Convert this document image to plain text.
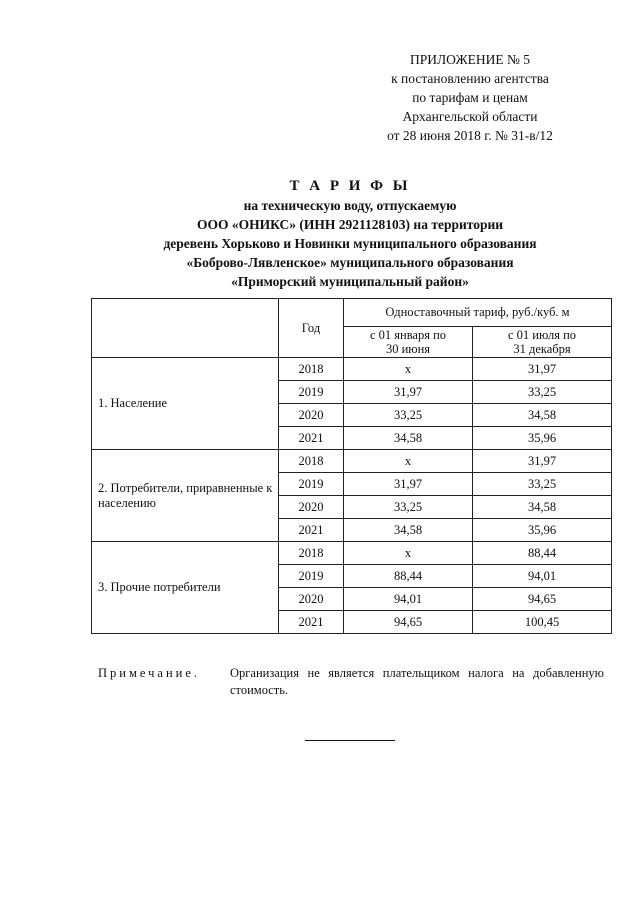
ПРИЛОЖЕНИЕ № 5
к постановлению агентства
по тарифам и ценам
Архангельской области
от 28 июня 2018 г. № 31-в/12
Т А Р И Ф Ы
на техническую воду, отпускаемую
ООО «ОНИКС» (ИНН 2921128103) на территории
деревень Хорьково и Новинки муниципального образования
«Боброво-Лявленское» муниципального образования
«Приморский муниципальный район»
	Год	Одноставочный тариф, руб./куб. м	
		с 01 января по 30 июня	с 01 июля по 31 декабря
1. Население	2018	х	31,97
	2019	31,97	33,25
	2020	33,25	34,58
	2021	34,58	35,96
2. Потребители, приравненные к населению	2018	х	31,97
	2019	31,97	33,25
	2020	33,25	34,58
	2021	34,58	35,96
3. Прочие потребители	2018	х	88,44
	2019	88,44	94,01
	2020	94,01	94,65
	2021	94,65	100,45
Примечание. Организация не является плательщиком налога на добавленную стоимость.
